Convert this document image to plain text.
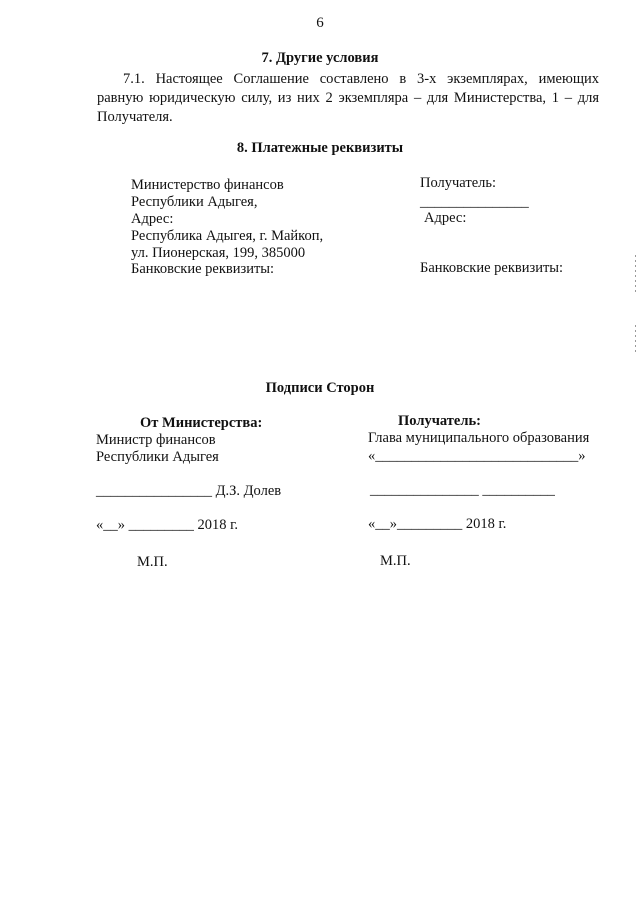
6
7. Другие условия
7.1. Настоящее Соглашение составлено в 3-х экземплярах, имеющих
равную юридическую силу, из них 2 экземпляра – для Министерства, 1 – для
Получателя.
8. Платежные реквизиты
Министерство финансов
Республики Адыгея,
Адрес:
Республика Адыгея, г. Майкоп,
ул. Пионерская, 199, 385000
Банковские реквизиты:
Получатель:
_______________
Адрес:
Банковские реквизиты:
Подписи Сторон
От Министерства:
Министр финансов
Республики Адыгея
________________ Д.З. Долев
«__» _________ 2018 г.
М.П.
Получатель:
Глава муниципального образования
«____________________________»
_______________ __________
«__»_________ 2018 г.
М.П.
